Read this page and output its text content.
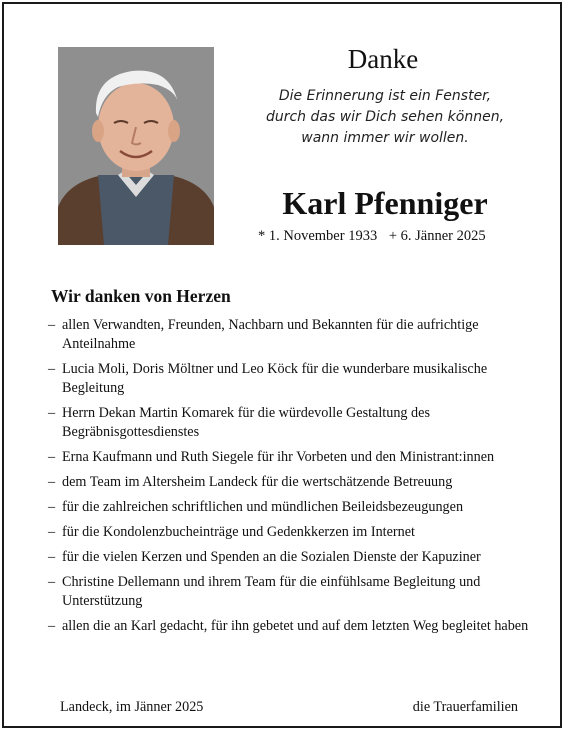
Danke
Die Erinnerung ist ein Fenster,
durch das wir Dich sehen können,
wann immer wir wollen.
Karl Pfenniger
* 1. November 1933 + 6. Jänner 2025
Wir danken von Herzen
– allen Verwandten, Freunden, Nachbarn und Bekannten für die aufrichtige Anteilnahme
– Lucia Moli, Doris Möltner und Leo Köck für die wunderbare musikalische Begleitung
– Herrn Dekan Martin Komarek für die würdevolle Gestaltung des Begräbnisgottesdienstes
– Erna Kaufmann und Ruth Siegele für ihr Vorbeten und den Ministrant:innen
– dem Team im Altersheim Landeck für die wertschätzende Betreuung
– für die zahlreichen schriftlichen und mündlichen Beileidsbezeugungen
– für die Kondolenzbucheinträge und Gedenkkerzen im Internet
– für die vielen Kerzen und Spenden an die Sozialen Dienste der Kapuziner
– Christine Dellemann und ihrem Team für die einfühlsame Begleitung und Unterstützung
– allen die an Karl gedacht, für ihn gebetet und auf dem letzten Weg begleitet haben
Landeck, im Jänner 2025	die Trauerfamilien
